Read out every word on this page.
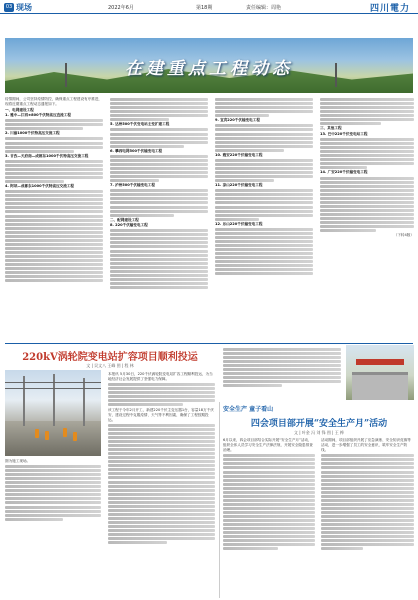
03 现场	2022年6月	第18期	责任编辑：周艳	四川電力
在建重点工程动态

疫情期间，公司坚持疫情防控，确保重点工程建设有序推进，现将近期重点工程动态通报如下。

一、电网建设工程

1. 雅中—江西±800千伏特高压直流工程

2. 川渝1000千伏特高压交流工程

3. 甘孜—天府南—成都东1000千伏特高压交流工程

4. 阿坝—成都东1000千伏特高压交流工程

5. 达州500千伏变电站主变扩建工程

6. 攀西电网500千伏输变电工程

7. 泸州500千伏输变电工程

二、配网建设工程

8. 220千伏输变电工程

9. 宜宾220千伏输变电工程

10. 雅安220千伏输变电工程

11. 凉山220千伏输变电工程

12. 乐山220千伏输变电工程

三、其他工程

13. 巴中220千伏变电站工程

14. 广安220千伏输变电工程

（下转4版）

220kV涡轮院变电站扩容项目顺利投运
文 | 吴文八 王峰 图 | 程 林
图为施工现场。

本报讯 5月30日，220千伏涡轮院变电站扩容工程顺利投运，为当地经济社会发展提供了坚强电力保障。

该工程于今年2月开工，新建220千伏主变压器1台，容量18万千伏安，建设过程中克服疫情、天气等不利因素，确保了工程按期投运。

安全生产 童子看山
四会项目部开展“安全生产月”活动
文 | 叶金 冯 刘 锋 图 | 王 桦

6月以来，四会项目部结合实际开展“安全生产月”活动，组织全体人员学习安全生产法律法规，开展安全隐患排查治理。

活动期间，项目部组织开展了应急演练、安全知识竞赛等活动，进一步增强了员工的安全意识，筑牢安全生产防线。
